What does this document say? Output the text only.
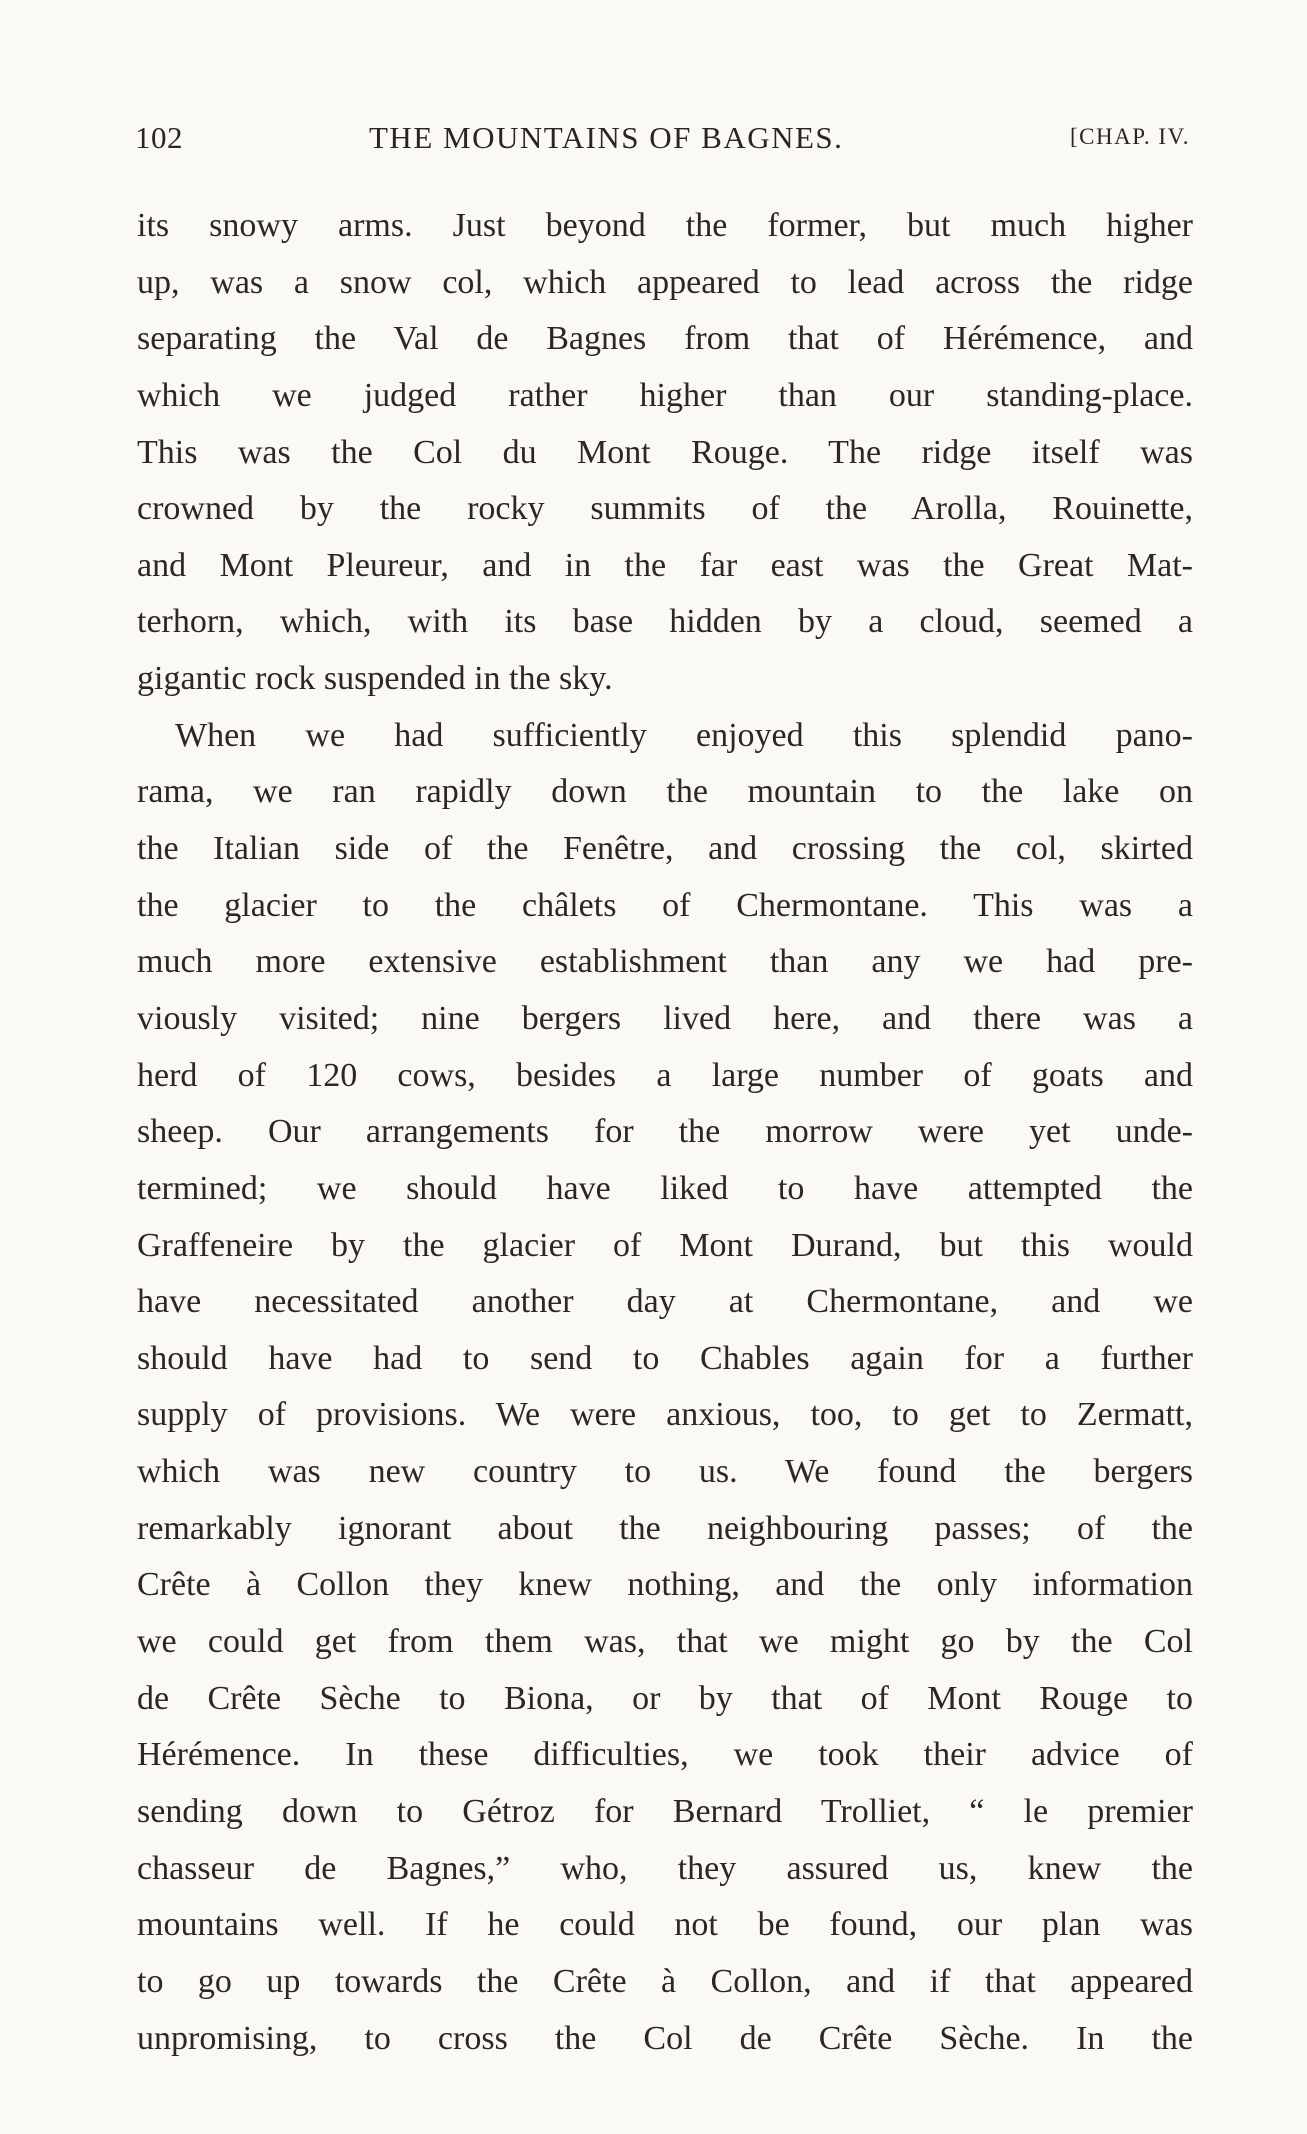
102	THE MOUNTAINS OF BAGNES.	[CHAP. IV.
its snowy arms. Just beyond the former, but much higher
up, was a snow col, which appeared to lead across the ridge
separating the Val de Bagnes from that of Hérémence, and
which we judged rather higher than our standing-place.
This was the Col du Mont Rouge. The ridge itself was
crowned by the rocky summits of the Arolla, Rouinette,
and Mont Pleureur, and in the far east was the Great Mat-
terhorn, which, with its base hidden by a cloud, seemed a
gigantic rock suspended in the sky.
When we had sufficiently enjoyed this splendid pano-
rama, we ran rapidly down the mountain to the lake on
the Italian side of the Fenêtre, and crossing the col, skirted
the glacier to the châlets of Chermontane. This was a
much more extensive establishment than any we had pre-
viously visited; nine bergers lived here, and there was a
herd of 120 cows, besides a large number of goats and
sheep. Our arrangements for the morrow were yet unde-
termined; we should have liked to have attempted the
Graffeneire by the glacier of Mont Durand, but this would
have necessitated another day at Chermontane, and we
should have had to send to Chables again for a further
supply of provisions. We were anxious, too, to get to Zermatt,
which was new country to us. We found the bergers
remarkably ignorant about the neighbouring passes; of the
Crête à Collon they knew nothing, and the only information
we could get from them was, that we might go by the Col
de Crête Sèche to Biona, or by that of Mont Rouge to
Hérémence. In these difficulties, we took their advice of
sending down to Gétroz for Bernard Trolliet, “ le premier
chasseur de Bagnes,” who, they assured us, knew the
mountains well. If he could not be found, our plan was
to go up towards the Crête à Collon, and if that appeared
unpromising, to cross the Col de Crête Sèche. In the
